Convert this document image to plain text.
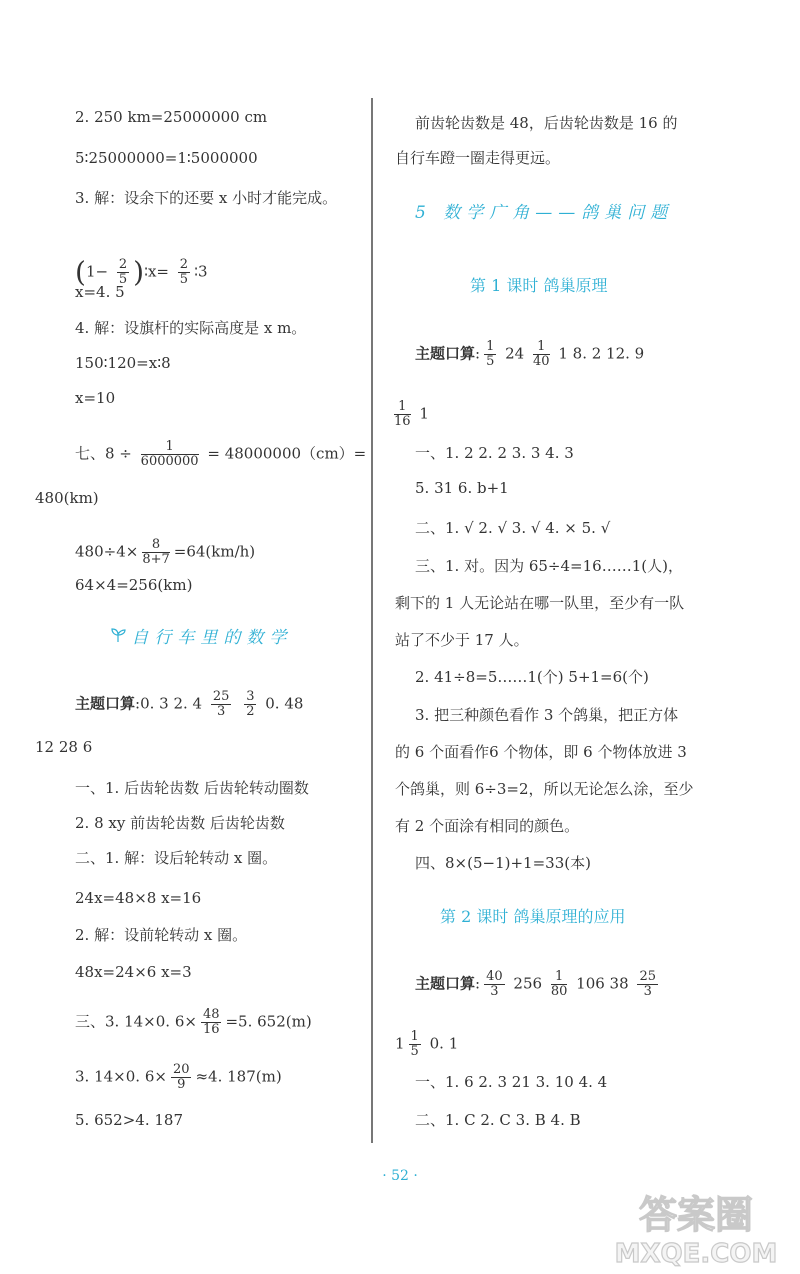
2. 250 km=25000000 cm
5∶25000000=1∶5000000
3. 解：设余下的还要 x 小时才能完成。
($1- \frac{2}{5}$ )∶x= $\frac{2}{5}$ ∶3
x=4. 5
4. 解：设旗杆的实际高度是 x m。
150∶120=x∶8
x=10
七、$8 \div \frac{1}{6000000} = 48000000(cm)=$
480(km)
$480\div 4\times \frac{8}{8+7} =64(km/h)$
64×4=256(km)
自行车里的数学
主题口算:0. 3 2. $4 \frac{25}{3}$
$\frac{3}{2} 0$. 48
12 28 6
一、1. 后齿轮齿数 后齿轮转动圈数
2. 8 xy 前齿轮齿数 后齿轮齿数
二、1. 解：设后轮转动 x 圈。
24x=48×8 x=16
2. 解：设前轮转动 x 圈。
48x=24×6 x=3
三、3. 14×0. $6\times \frac{48}{16} =5$. 652(m)
3. 14×0. $6\times \frac{20}{9} \approx 4$. 187(m)
5. 652>4. 187
前齿轮齿数是 48，后齿轮齿数是 16 的
自行车蹬一圈走得更远。
5 数学广角——鸽巢问题
第 1 课时 鸽巢原理
主题口算: $\frac{1}{5} 24 \frac{1}{40} 1$ 8. 2 12. 9
$\frac{1}{16} 1$
一、1. 2 2. 2 3. 3 4. 3
5. 31 6. b+1
二、1. √ 2. √ 3. √ 4. × 5. √
三、1. 对。因为 65÷4=16……1(人)，
剩下的 1 人无论站在哪一队里，至少有一队
站了不少于 17 人。
2. 41÷8=5……1(个) 5+1=6(个)
3. 把三种颜色看作 3 个鸽巢，把正方体
的 6 个面看作6 个物体，即 6 个物体放进 3
个鸽巢，则 6÷3=2，所以无论怎么涂，至少
有 2 个面涂有相同的颜色。
四、8×(5−1)+1=33(本)
第 2 课时 鸽巢原理的应用
主题口算: $\frac{40}{3} 256 \frac{1}{80} 106$ $38 \frac{25}{3}$
$1 \frac{1}{5} 0$. 1
一、1. 6 2. 3 21 3. 10 4. 4
二、1. C 2. C 3. B 4. B
· 52 ·
答案圈
MXQE.COM
